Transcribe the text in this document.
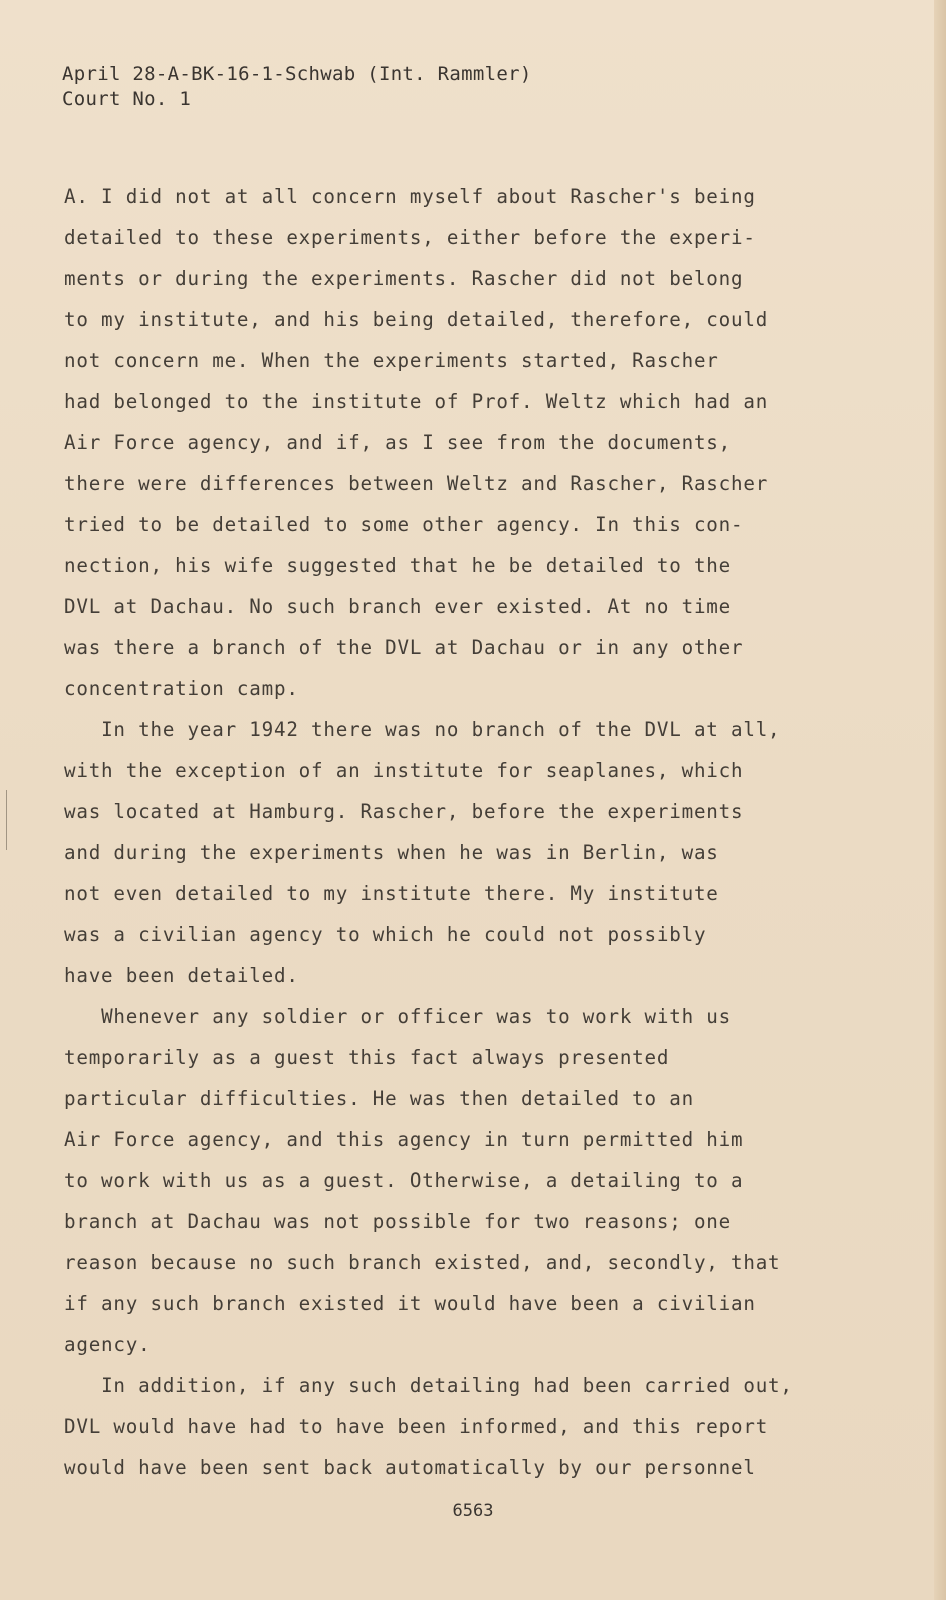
April 28-A-BK-16-1-Schwab (Int. Rammler)
Court No. 1

A. I did not at all concern myself about Rascher's being
detailed to these experiments, either before the experi-
ments or during the experiments. Rascher did not belong
to my institute, and his being detailed, therefore, could
not concern me. When the experiments started, Rascher
had belonged to the institute of Prof. Weltz which had an
Air Force agency, and if, as I see from the documents,
there were differences between Weltz and Rascher, Rascher
tried to be detailed to some other agency. In this con-
nection, his wife suggested that he be detailed to the
DVL at Dachau. No such branch ever existed. At no time
was there a branch of the DVL at Dachau or in any other
concentration camp.

In the year 1942 there was no branch of the DVL at all,
with the exception of an institute for seaplanes, which
was located at Hamburg. Rascher, before the experiments
and during the experiments when he was in Berlin, was
not even detailed to my institute there. My institute
was a civilian agency to which he could not possibly
have been detailed.

Whenever any soldier or officer was to work with us
temporarily as a guest this fact always presented
particular difficulties. He was then detailed to an
Air Force agency, and this agency in turn permitted him
to work with us as a guest. Otherwise, a detailing to a
branch at Dachau was not possible for two reasons; one
reason because no such branch existed, and, secondly, that
if any such branch existed it would have been a civilian
agency.

In addition, if any such detailing had been carried out,
DVL would have had to have been informed, and this report
would have been sent back automatically by our personnel

6563
